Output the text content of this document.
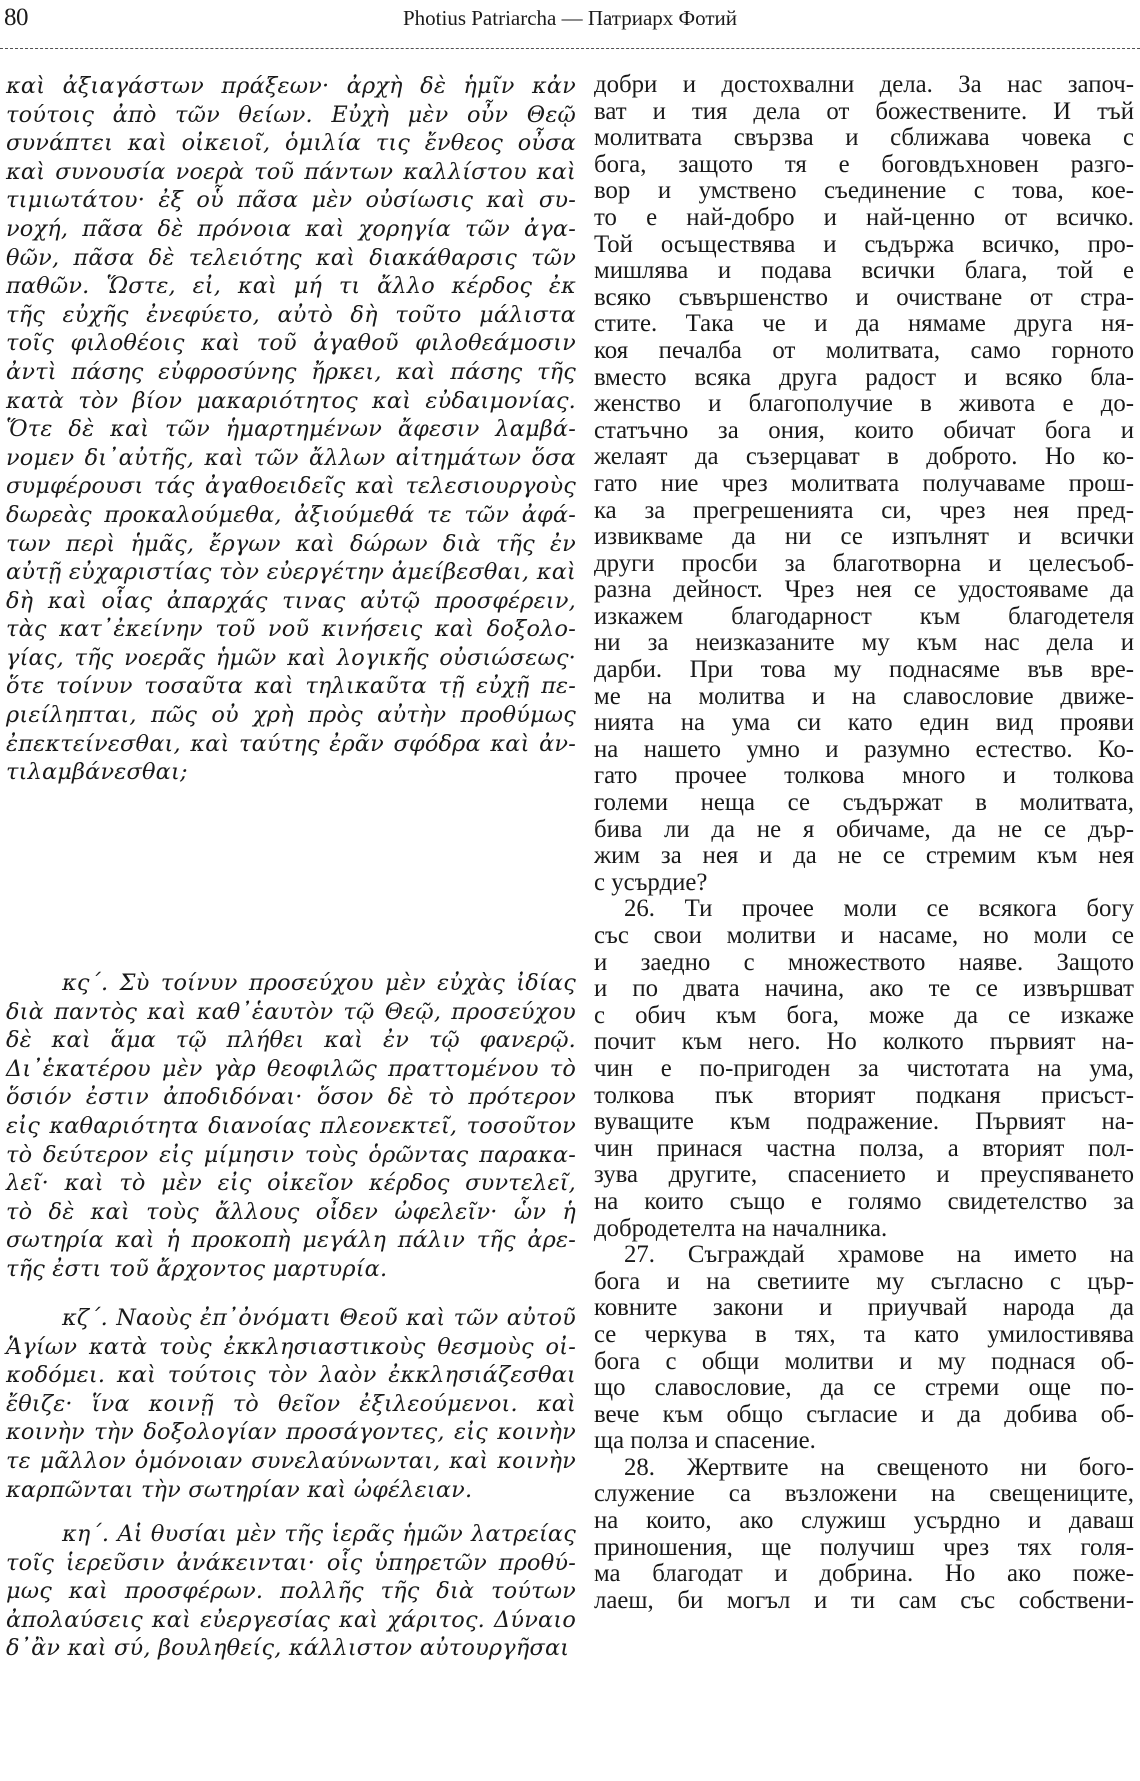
80	Photius Patriarcha — Патриарх Фотий
καὶ ἀξιαγάστων πράξεων· ἀρχὴ δὲ ἡμῖν κἀν
τούτοις ἀπὸ τῶν θείων. Εὐχὴ μὲν οὖν Θεῷ
συνάπτει καὶ οἰκειοῖ, ὁμιλία τις ἔνθεος οὖσα
καὶ συνουσία νοερὰ τοῦ πάντων καλλίστου καὶ
τιμιωτάτου· ἐξ οὗ πᾶσα μὲν οὐσίωσις καὶ συ-
νοχή, πᾶσα δὲ πρόνοια καὶ χορηγία τῶν ἀγα-
θῶν, πᾶσα δὲ τελειότης καὶ διακάθαρσις τῶν
παθῶν. Ὥστε, εἰ, καὶ μή τι ἄλλο κέρδος ἐκ
τῆς εὐχῆς ἐνεφύετο, αὐτὸ δὴ τοῦτο μάλιστα
τοῖς φιλοθέοις καὶ τοῦ ἀγαθοῦ φιλοθεάμοσιν
ἀντὶ πάσης εὐφροσύνης ἤρκει, καὶ πάσης τῆς
κατὰ τὸν βίον μακαριότητος καὶ εὐδαιμονίας.
Ὅτε δὲ καὶ τῶν ἡμαρτημένων ἄφεσιν λαμβά-
νομεν δι᾿αὐτῆς, καὶ τῶν ἄλλων αἰτημάτων ὅσα
συμφέρουσι τάς ἀγαθοειδεῖς καὶ τελεσιουργοὺς
δωρεὰς προκαλούμεθα, ἀξιούμεθά τε τῶν ἀφά-
των περὶ ἡμᾶς, ἔργων καὶ δώρων διὰ τῆς ἐν
αὐτῇ εὐχαριστίας τὸν εὐεργέτην ἀμείβεσθαι, καὶ
δὴ καὶ οἷας ἀπαρχάς τινας αὐτῷ προσφέρειν,
τὰς κατ᾿ἐκείνην τοῦ νοῦ κινήσεις καὶ δοξολο-
γίας, τῆς νοερᾶς ἡμῶν καὶ λογικῆς οὐσιώσεως·
ὅτε τοίνυν τοσαῦτα καὶ τηλικαῦτα τῇ εὐχῇ πε-
ριείληπται, πῶς οὐ χρὴ πρὸς αὐτὴν προθύμως
ἐπεκτείνεσθαι, καὶ ταύτης ἐρᾶν σφόδρα καὶ ἀν-
τιλαμβάνεσθαι;
κς΄. Σὺ τοίνυν προσεύχου μὲν εὐχὰς ἰδίας
διὰ παντὸς καὶ καθ᾿ἑαυτὸν τῷ Θεῷ, προσεύχου
δὲ καὶ ἅμα τῷ πλήθει καὶ ἐν τῷ φανερῷ.
Δι᾿ἑκατέρου μὲν γὰρ θεοφιλῶς πραττομένου τὸ
ὅσιόν ἐστιν ἀποδιδόναι· ὅσον δὲ τὸ πρότερον
εἰς καθαριότητα διανοίας πλεονεκτεῖ, τοσοῦτον
τὸ δεύτερον εἰς μίμησιν τοὺς ὁρῶντας παρακα-
λεῖ· καὶ τὸ μὲν εἰς οἰκεῖον κέρδος συντελεῖ,
τὸ δὲ καὶ τοὺς ἄλλους οἶδεν ὠφελεῖν· ὧν ἡ
σωτηρία καὶ ἡ προκοπὴ μεγάλη πάλιν τῆς ἀρε-
τῆς ἐστι τοῦ ἄρχοντος μαρτυρία.
κζ΄. Ναοὺς ἐπ᾿ὀνόματι Θεοῦ καὶ τῶν αὐτοῦ
Ἁγίων κατὰ τοὺς ἐκκλησιαστικοὺς θεσμοὺς οἰ-
κοδόμει. καὶ τούτοις τὸν λαὸν ἐκκλησιάζεσθαι
ἔθιζε· ἵνα κοινῇ τὸ θεῖον ἐξιλεούμενοι. καὶ
κοινὴν τὴν δοξολογίαν προσάγοντες, εἰς κοινὴν
τε μᾶλλον ὁμόνοιαν συνελαύνωνται, καὶ κοινὴν
καρπῶνται τὴν σωτηρίαν καὶ ὠφέλειαν.
κη΄. Αἱ θυσίαι μὲν τῆς ἱερᾶς ἡμῶν λατρείας
τοῖς ἱερεῦσιν ἀνάκεινται· οἷς ὑπηρετῶν προθύ-
μως καὶ προσφέρων. πολλῆς τῆς διὰ τούτων
ἀπολαύσεις καὶ εὐεργεσίας καὶ χάριτος. Δύναιο
δ᾿ἂν καὶ σύ, βουληθείς, κάλλιστον αὐτουργῆσαι
добри и достохвални дела. За нас започ-
ват и тия дела от божествените. И тъй
молитвата свързва и сближава човека с
бога, защото тя е боговдъхновен разго-
вор и умствено съединение с това, кое-
то е най-добро и най-ценно от всичко.
Той осъществява и съдържа всичко, про-
мишлява и подава всички блага, той е
всяко съвършенство и очистване от стра-
стите. Така че и да нямаме друга ня-
коя печалба от молитвата, само горното
вместо всяка друга радост и всяко бла-
женство и благополучие в живота е до-
статъчно за ония, които обичат бога и
желаят да съзерцават в доброто. Но ко-
гато ние чрез молитвата получаваме прош-
ка за прегрешенията си, чрез нея пред-
извикваме да ни се изпълнят и всички
други просби за благотворна и целесъоб-
разна дейност. Чрез нея се удостояваме да
изкажем благодарност към благодетеля
ни за неизказаните му към нас дела и
дарби. При това му поднасяме във вре-
ме на молитва и на славословие движе-
нията на ума си като един вид прояви
на нашето умно и разумно естество. Ко-
гато прочее толкова много и толкова
големи неща се съдържат в молитвата,
бива ли да не я обичаме, да не се дър-
жим за нея и да не се стремим към нея
с усърдие?
26. Ти прочее моли се всякога богу
със свои молитви и насаме, но моли се
и заедно с множеството наяве. Защото
и по двата начина, ако те се извършват
с обич към бога, може да се изкаже
почит към него. Но колкото първият на-
чин е по-пригоден за чистотата на ума,
толкова пък вторият подканя присъст-
вуващите към подражение. Първият на-
чин принася частна полза, а вторият пол-
зува другите, спасението и преуспяването
на които също е голямо свидетелство за
добродетелта на началника.
27. Съграждай храмове на името на
бога и на светиите му съгласно с цър-
ковните закони и приучвай народа да
се черкува в тях, та като умилостивява
бога с общи молитви и му поднася об-
що славословие, да се стреми още по-
вече към общо съгласие и да добива об-
ща полза и спасение.
28. Жертвите на свещеното ни бого-
служение са възложени на свещениците,
на които, ако служиш усърдно и даваш
приношения, ще получиш чрез тях голя-
ма благодат и добрина. Но ако поже-
лаеш, би могъл и ти сам със собствени-
